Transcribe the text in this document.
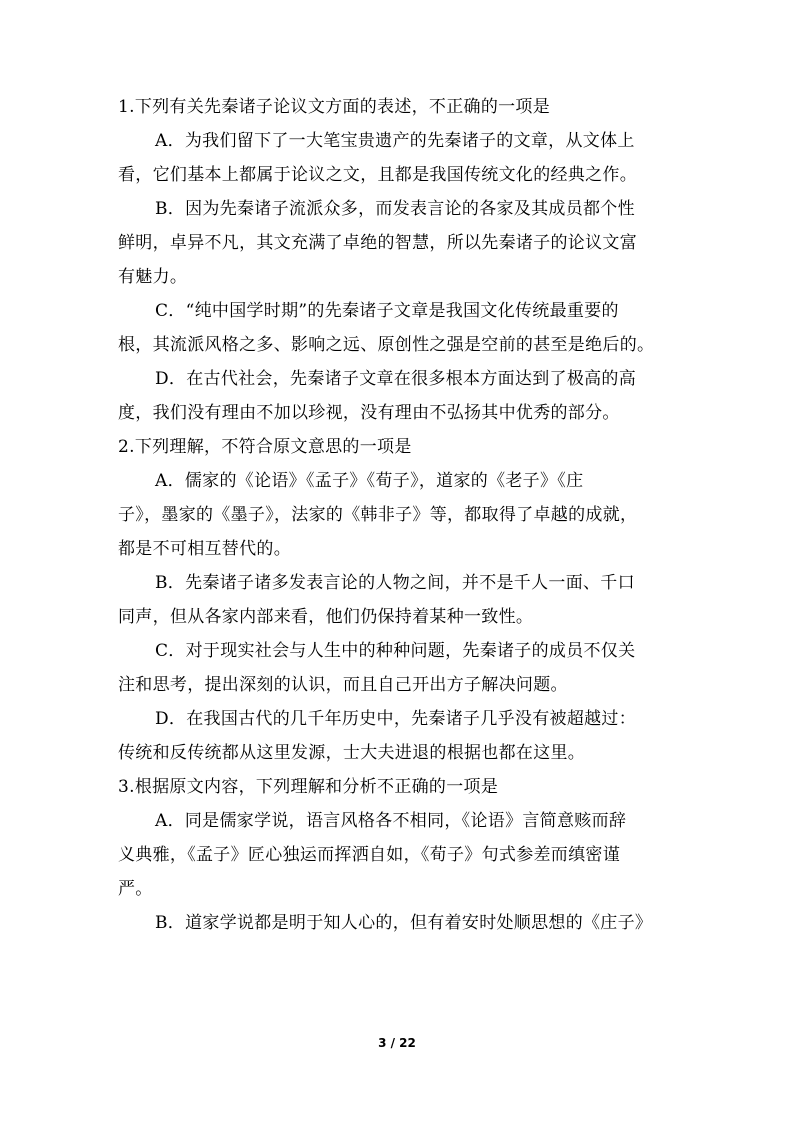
1.下列有关先秦诸子论议文方面的表述，不正确的一项是
A．为我们留下了一大笔宝贵遗产的先秦诸子的文章，从文体上
看，它们基本上都属于论议之文，且都是我国传统文化的经典之作。
B．因为先秦诸子流派众多，而发表言论的各家及其成员都个性
鲜明，卓异不凡，其文充满了卓绝的智慧，所以先秦诸子的论议文富
有魅力。
C．“纯中国学时期”的先秦诸子文章是我国文化传统最重要的
根，其流派风格之多、影响之远、原创性之强是空前的甚至是绝后的。
D．在古代社会，先秦诸子文章在很多根本方面达到了极高的高
度，我们没有理由不加以珍视，没有理由不弘扬其中优秀的部分。
2.下列理解，不符合原文意思的一项是
A．儒家的《论语》《孟子》《荀子》，道家的《老子》《庄
子》，墨家的《墨子》，法家的《韩非子》等，都取得了卓越的成就，
都是不可相互替代的。
B．先秦诸子诸多发表言论的人物之间，并不是千人一面、千口
同声，但从各家内部来看，他们仍保持着某种一致性。
C．对于现实社会与人生中的种种问题，先秦诸子的成员不仅关
注和思考，提出深刻的认识，而且自己开出方子解决问题。
D．在我国古代的几千年历史中，先秦诸子几乎没有被超越过：
传统和反传统都从这里发源，士大夫进退的根据也都在这里。
3.根据原文内容，下列理解和分析不正确的一项是
A．同是儒家学说，语言风格各不相同，《论语》言简意赅而辞
义典雅，《孟子》匠心独运而挥洒自如，《荀子》句式参差而缜密谨
严。
B．道家学说都是明于知人心的，但有着安时处顺思想的《庄子》
3 / 22
